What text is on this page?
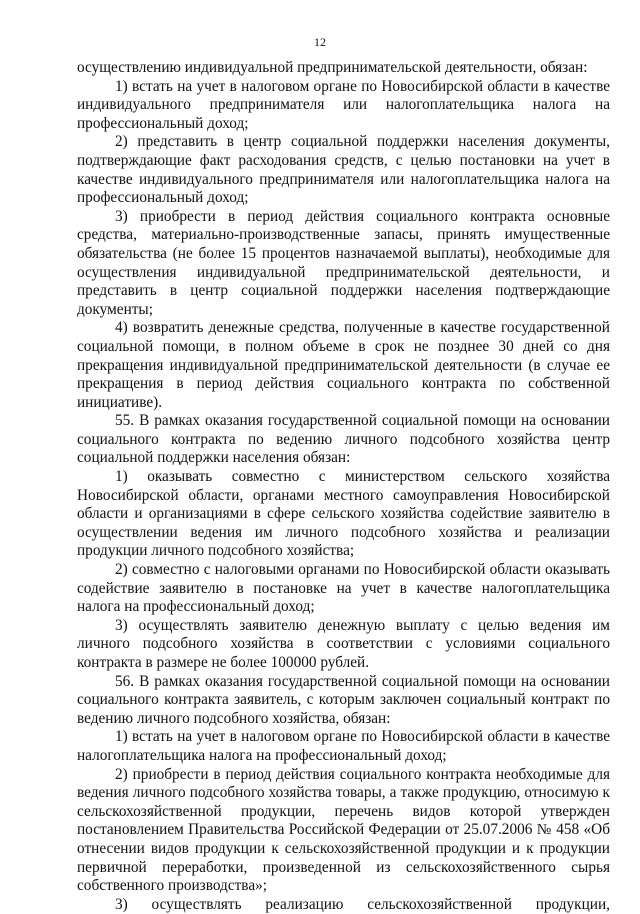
12

осуществлению индивидуальной предпринимательской деятельности, обязан:

1) встать на учет в налоговом органе по Новосибирской области в качестве индивидуального предпринимателя или налогоплательщика налога на профессиональный доход;

2) представить в центр социальной поддержки населения документы, подтверждающие факт расходования средств, с целью постановки на учет в качестве индивидуального предпринимателя или налогоплательщика налога на профессиональный доход;

3) приобрести в период действия социального контракта основные средства, материально-производственные запасы, принять имущественные обязательства (не более 15 процентов назначаемой выплаты), необходимые для осуществления индивидуальной предпринимательской деятельности, и представить в центр социальной поддержки населения подтверждающие документы;

4) возвратить денежные средства, полученные в качестве государственной социальной помощи, в полном объеме в срок не позднее 30 дней со дня прекращения индивидуальной предпринимательской деятельности (в случае ее прекращения в период действия социального контракта по собственной инициативе).

55. В рамках оказания государственной социальной помощи на основании социального контракта по ведению личного подсобного хозяйства центр социальной поддержки населения обязан:

1) оказывать совместно с министерством сельского хозяйства Новосибирской области, органами местного самоуправления Новосибирской области и организациями в сфере сельского хозяйства содействие заявителю в осуществлении ведения им личного подсобного хозяйства и реализации продукции личного подсобного хозяйства;

2) совместно с налоговыми органами по Новосибирской области оказывать содействие заявителю в постановке на учет в качестве налогоплательщика налога на профессиональный доход;

3) осуществлять заявителю денежную выплату с целью ведения им личного подсобного хозяйства в соответствии с условиями социального контракта в размере не более 100000 рублей.

56. В рамках оказания государственной социальной помощи на основании социального контракта заявитель, с которым заключен социальный контракт по ведению личного подсобного хозяйства, обязан:

1) встать на учет в налоговом органе по Новосибирской области в качестве налогоплательщика налога на профессиональный доход;

2) приобрести в период действия социального контракта необходимые для ведения личного подсобного хозяйства товары, а также продукцию, относимую к сельскохозяйственной продукции, перечень видов которой утвержден постановлением Правительства Российской Федерации от 25.07.2006 № 458 «Об отнесении видов продукции к сельскохозяйственной продукции и к продукции первичной переработки, произведенной из сельскохозяйственного сырья собственного производства»;

3) осуществлять реализацию сельскохозяйственной продукции,
